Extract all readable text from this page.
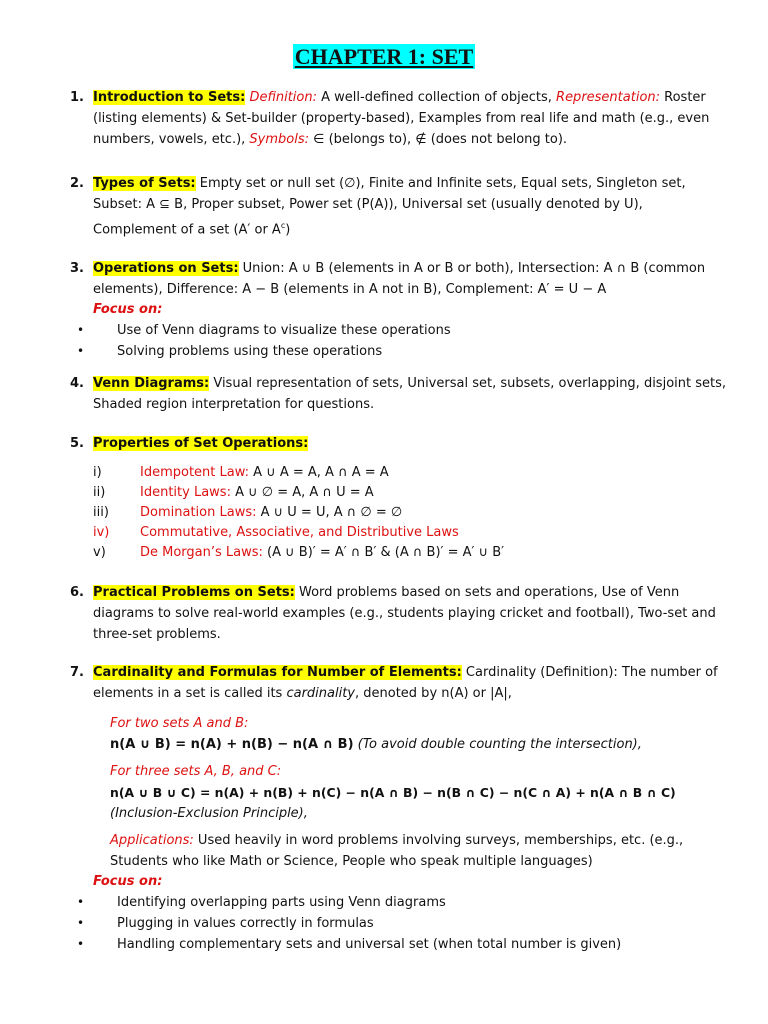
CHAPTER 1: SET
1. Introduction to Sets: Definition: A well-defined collection of objects, Representation: Roster (listing elements) & Set-builder (property-based), Examples from real life and math (e.g., even numbers, vowels, etc.), Symbols: ∈ (belongs to), ∉ (does not belong to).
2. Types of Sets: Empty set or null set (∅), Finite and Infinite sets, Equal sets, Singleton set, Subset: A ⊆ B, Proper subset, Power set (P(A)), Universal set (usually denoted by U), Complement of a set (A′ or $A^c$)
3. Operations on Sets: Union: A ∪ B (elements in A or B or both), Intersection: A ∩ B (common elements), Difference: A − B (elements in A not in B), Complement: A′ = U − A
Focus on:
• Use of Venn diagrams to visualize these operations
• Solving problems using these operations
4. Venn Diagrams: Visual representation of sets, Universal set, subsets, overlapping, disjoint sets, Shaded region interpretation for questions.
5. Properties of Set Operations:
i)	Idempotent Law: A ∪ A = A, A ∩ A = A
ii)	Identity Laws: A ∪ ∅ = A, A ∩ U = A
iii)	Domination Laws: A ∪ U = U, A ∩ ∅ = ∅
iv)	Commutative, Associative, and Distributive Laws
v)	De Morgan’s Laws: (A ∪ B)′ = A′ ∩ B′ & (A ∩ B)′ = A′ ∪ B′
6. Practical Problems on Sets: Word problems based on sets and operations, Use of Venn diagrams to solve real-world examples (e.g., students playing cricket and football), Two-set and three-set problems.
7. Cardinality and Formulas for Number of Elements: Cardinality (Definition): The number of elements in a set is called its cardinality, denoted by n(A) or |A|,
For two sets A and B:
n(A ∪ B) = n(A) + n(B) − n(A ∩ B) (To avoid double counting the intersection),
For three sets A, B, and C:
n(A ∪ B ∪ C) = n(A) + n(B) + n(C) − n(A ∩ B) − n(B ∩ C) − n(C ∩ A) + n(A ∩ B ∩ C)
(Inclusion-Exclusion Principle),
Applications: Used heavily in word problems involving surveys, memberships, etc. (e.g., Students who like Math or Science, People who speak multiple languages)
Focus on:
• Identifying overlapping parts using Venn diagrams
• Plugging in values correctly in formulas
• Handling complementary sets and universal set (when total number is given)
